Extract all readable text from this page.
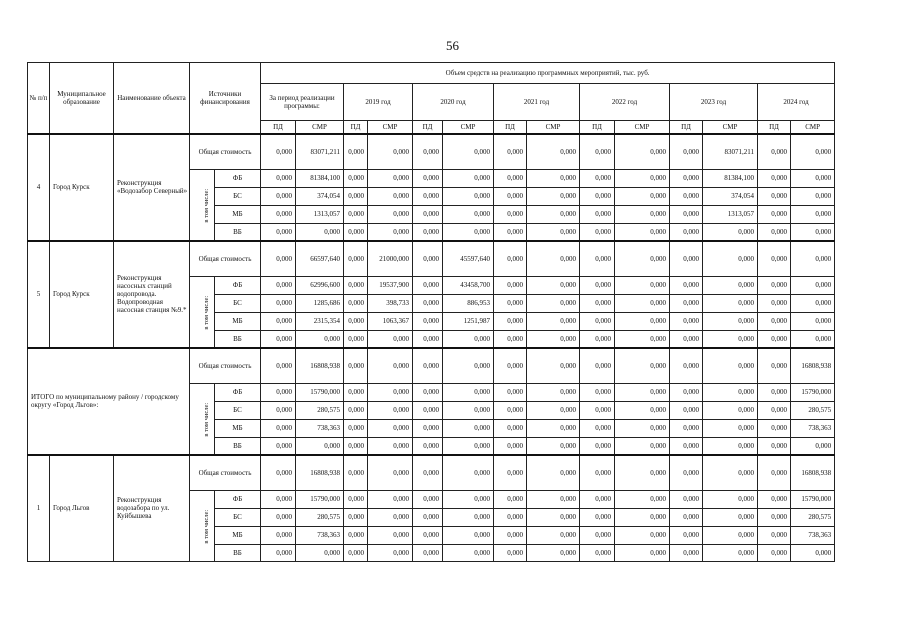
56
№ п/п	Муниципальное образование	Наименование объекта	Источники финансирования		Объем средств на реализацию программных мероприятий, тыс. руб.													
					За период реализации программы:		2019 год		2020 год		2021 год		2022 год		2023 год		2024 год	
					ПД	СМР	ПД	СМР	ПД	СМР	ПД	СМР	ПД	СМР	ПД	СМР	ПД	СМР
4	Город Курск	Реконструкция «Водозабор Северный»	Общая стоимость		0,000	83071,211	0,000	0,000	0,000	0,000	0,000	0,000	0,000	0,000	0,000	83071,211	0,000	0,000
			в том числе:	ФБ	0,000	81384,100	0,000	0,000	0,000	0,000	0,000	0,000	0,000	0,000	0,000	81384,100	0,000	0,000
				БС	0,000	374,054	0,000	0,000	0,000	0,000	0,000	0,000	0,000	0,000	0,000	374,054	0,000	0,000
				МБ	0,000	1313,057	0,000	0,000	0,000	0,000	0,000	0,000	0,000	0,000	0,000	1313,057	0,000	0,000
				ВБ	0,000	0,000	0,000	0,000	0,000	0,000	0,000	0,000	0,000	0,000	0,000	0,000	0,000	0,000
5	Город Курск	Реконструкция насосных станций водопровода. Водопроводная насосная станция №9.*	Общая стоимость		0,000	66597,640	0,000	21000,000	0,000	45597,640	0,000	0,000	0,000	0,000	0,000	0,000	0,000	0,000
			в том числе:	ФБ	0,000	62996,600	0,000	19537,900	0,000	43458,700	0,000	0,000	0,000	0,000	0,000	0,000	0,000	0,000
				БС	0,000	1285,686	0,000	398,733	0,000	886,953	0,000	0,000	0,000	0,000	0,000	0,000	0,000	0,000
				МБ	0,000	2315,354	0,000	1063,367	0,000	1251,987	0,000	0,000	0,000	0,000	0,000	0,000	0,000	0,000
				ВБ	0,000	0,000	0,000	0,000	0,000	0,000	0,000	0,000	0,000	0,000	0,000	0,000	0,000	0,000
ИТОГО по муниципальному району / городскому округу «Город Льгов»:			Общая стоимость		0,000	16808,938	0,000	0,000	0,000	0,000	0,000	0,000	0,000	0,000	0,000	0,000	0,000	16808,938
			в том числе:	ФБ	0,000	15790,000	0,000	0,000	0,000	0,000	0,000	0,000	0,000	0,000	0,000	0,000	0,000	15790,000
				БС	0,000	280,575	0,000	0,000	0,000	0,000	0,000	0,000	0,000	0,000	0,000	0,000	0,000	280,575
				МБ	0,000	738,363	0,000	0,000	0,000	0,000	0,000	0,000	0,000	0,000	0,000	0,000	0,000	738,363
				ВБ	0,000	0,000	0,000	0,000	0,000	0,000	0,000	0,000	0,000	0,000	0,000	0,000	0,000	0,000
1	Город Льгов	Реконструкция водозабора по ул. Куйбышева	Общая стоимость		0,000	16808,938	0,000	0,000	0,000	0,000	0,000	0,000	0,000	0,000	0,000	0,000	0,000	16808,938
			в том числе:	ФБ	0,000	15790,000	0,000	0,000	0,000	0,000	0,000	0,000	0,000	0,000	0,000	0,000	0,000	15790,000
				БС	0,000	280,575	0,000	0,000	0,000	0,000	0,000	0,000	0,000	0,000	0,000	0,000	0,000	280,575
				МБ	0,000	738,363	0,000	0,000	0,000	0,000	0,000	0,000	0,000	0,000	0,000	0,000	0,000	738,363
				ВБ	0,000	0,000	0,000	0,000	0,000	0,000	0,000	0,000	0,000	0,000	0,000	0,000	0,000	0,000
